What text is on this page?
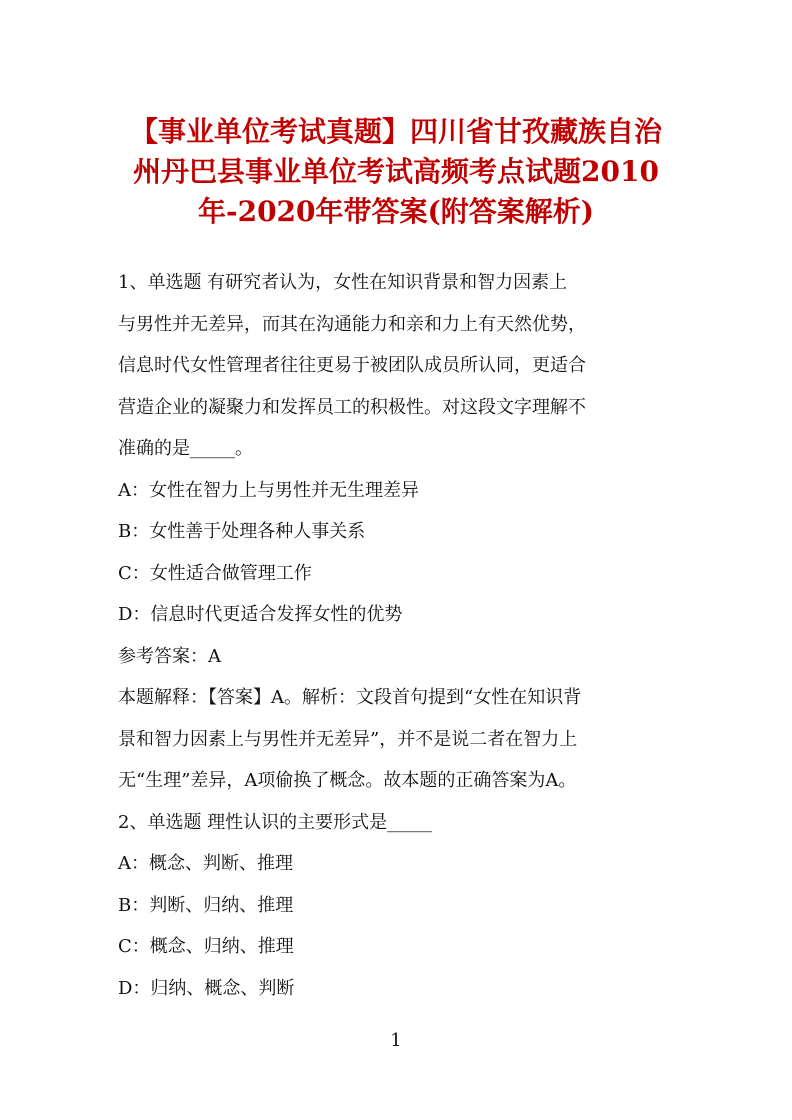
【事业单位考试真题】四川省甘孜藏族自治
州丹巴县事业单位考试高频考点试题2010
年-2020年带答案(附答案解析)
1、单选题 有研究者认为，女性在知识背景和智力因素上
与男性并无差异，而其在沟通能力和亲和力上有天然优势，
信息时代女性管理者往往更易于被团队成员所认同，更适合
营造企业的凝聚力和发挥员工的积极性。对这段文字理解不
准确的是_____。
A：女性在智力上与男性并无生理差异
B：女性善于处理各种人事关系
C：女性适合做管理工作
D：信息时代更适合发挥女性的优势
参考答案：A
本题解释：【答案】A。解析：文段首句提到“女性在知识背
景和智力因素上与男性并无差异”，并不是说二者在智力上
无“生理”差异，A项偷换了概念。故本题的正确答案为A。
2、单选题 理性认识的主要形式是_____
A：概念、判断、推理
B：判断、归纳、推理
C：概念、归纳、推理
D：归纳、概念、判断
1
